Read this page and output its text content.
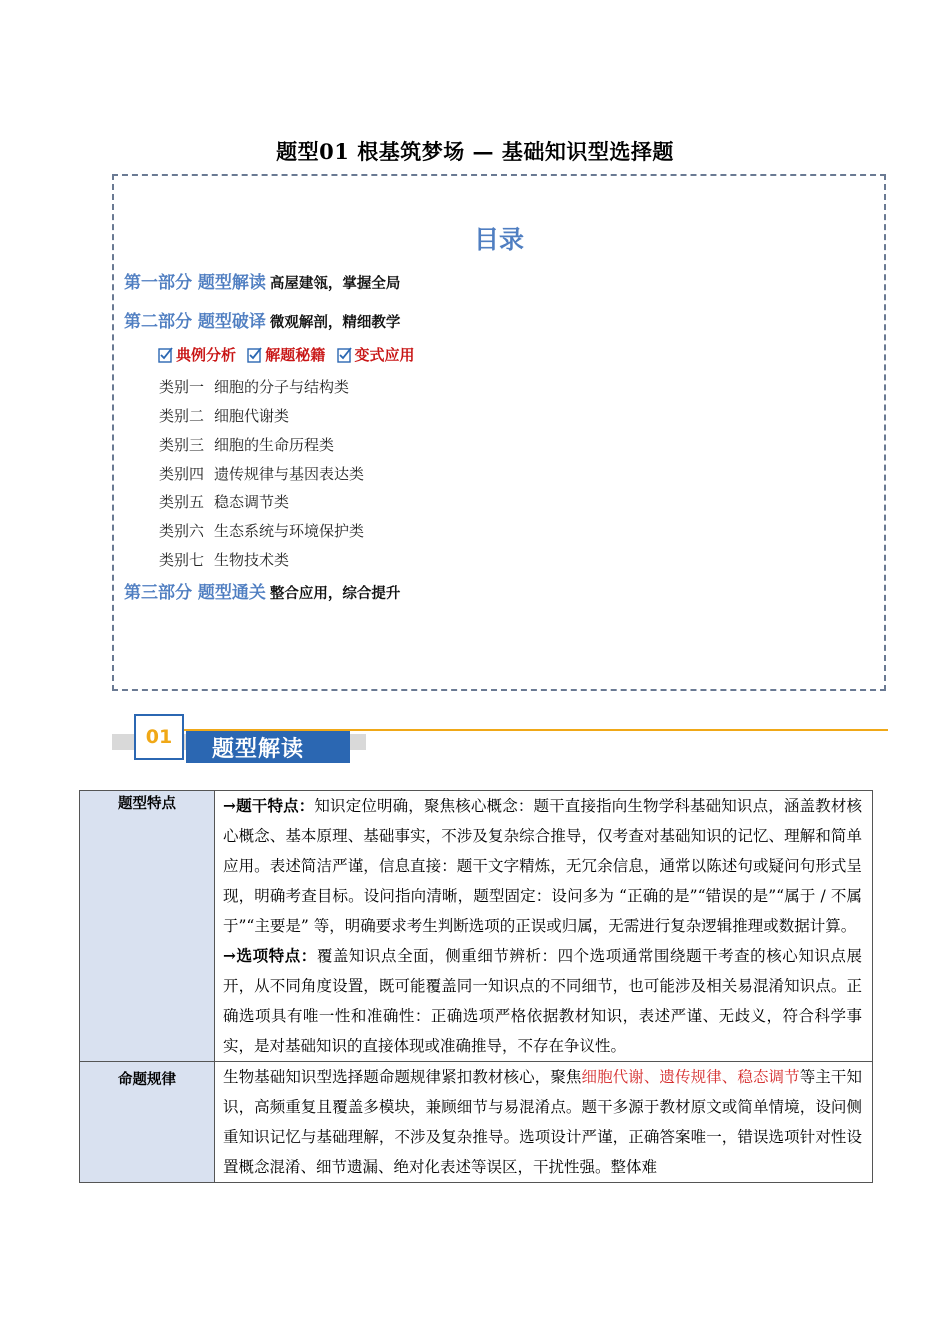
题型01 根基筑梦场 — 基础知识型选择题
目录
第一部分 题型解读 高屋建瓴，掌握全局
第二部分 题型破译 微观解剖，精细教学
典例分析
解题秘籍
变式应用
类别一 细胞的分子与结构类
类别二 细胞代谢类
类别三 细胞的生命历程类
类别四 遗传规律与基因表达类
类别五 稳态调节类
类别六 生态系统与环境保护类
类别七 生物技术类
第三部分 题型通关 整合应用，综合提升
题型解读
01
题型特点	→题干特点：知识定位明确，聚焦核心概念：题干直接指向生物学科基础知识点，涵盖教材核心概念、基本原理、基础事实，不涉及复杂综合推导，仅考查对基础知识的记忆、理解和简单应用。表述简洁严谨，信息直接：题干文字精炼，无冗余信息，通常以陈述句或疑问句形式呈现，明确考查目标。设问指向清晰，题型固定：设问多为 “正确的是”“错误的是”“属于 / 不属于”“主要是” 等，明确要求考生判断选项的正误或归属，无需进行复杂逻辑推理或数据计算。
→选项特点：覆盖知识点全面，侧重细节辨析：四个选项通常围绕题干考查的核心知识点展开，从不同角度设置，既可能覆盖同一知识点的不同细节，也可能涉及相关易混淆知识点。正确选项具有唯一性和准确性：正确选项严格依据教材知识，表述严谨、无歧义，符合科学事实，是对基础知识的直接体现或准确推导，不存在争议性。

命题规律	生物基础知识型选择题命题规律紧扣教材核心，聚焦细胞代谢、遗传规律、稳态调节等主干知识，高频重复且覆盖多模块，兼顾细节与易混淆点。题干多源于教材原文或简单情境，设问侧重知识记忆与基础理解，不涉及复杂推导。选项设计严谨，正确答案唯一，错误选项针对性设置概念混淆、细节遗漏、绝对化表述等误区，干扰性强。整体难
